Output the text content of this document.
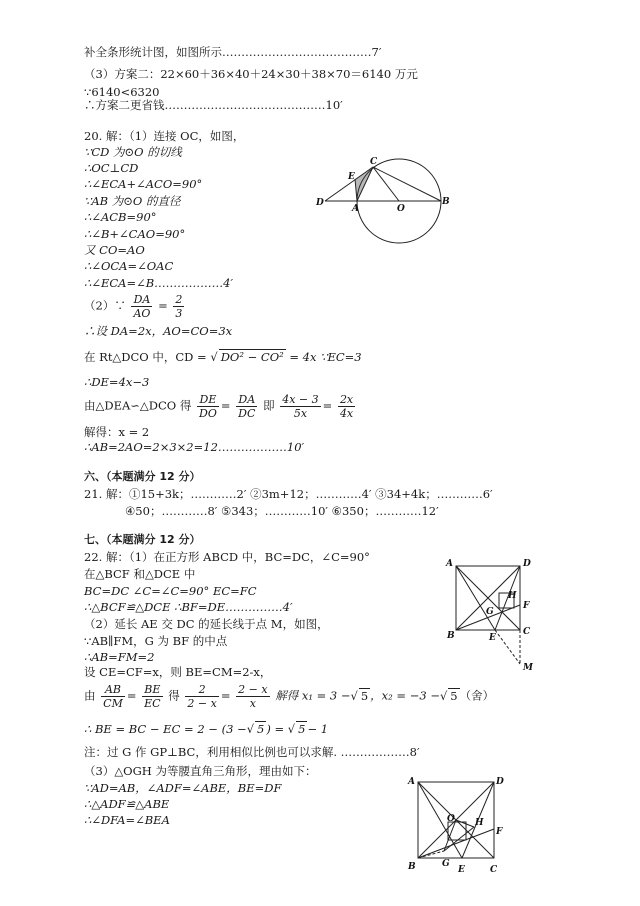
补全条形统计图，如图所示…………………………………7′
（3）方案二：22×60＋36×40＋24×30＋38×70＝6140 万元
∵6140<6320
∴方案二更省钱……………………………………10′
20. 解：（1）连接 OC，如图，
∵CD 为⊙O 的切线
∴OC⊥CD
∴∠ECA+∠ACO=90°
∵AB 为⊙O 的直径
∴∠ACB=90°
∴∠B+∠CAO=90°
又 CO=AO
∴∠OCA=∠OAC
∴∠ECA=∠B………………4′
（2）∵ $\frac{DA}{AO} = \frac{2}{3}$
∴设 DA=2x，AO=CO=3x
在 Rt△DCO 中，CD = √ DO² − CO² = 4x ∵EC=3
∴DE=4x−3
由△DEA∽△DCO 得 $\frac{DE}{DO} = \frac{DA}{DC}$ 即 $\frac{4x - 3}{5x} = \frac{2x}{4x}$
解得：x = 2
∴AB=2AO=2×3×2=12………………10′
六、（本题满分 12 分）
21. 解：①15+3k；…………2′ ②3m+12；…………4′ ③34+4k；…………6′
④50；…………8′ ⑤343；…………10′ ⑥350；…………12′
七、（本题满分 12 分）
22. 解：（1）在正方形 ABCD 中，BC=DC，∠C=90°
在△BCF 和△DCE 中
BC=DC ∠C=∠C=90° EC=FC
∴△BCF≌△DCE ∴BF=DE……………4′
（2）延长 AE 交 DC 的延长线于点 M，如图，
∵AB∥FM，G 为 BF 的中点
∴AB=FM=2
设 CE=CF=x，则 BE=CM=2-x，
由 $\frac{AB}{CM} = \frac{BE}{EC}$ 得 $\frac{2}{2 - x} = \frac{2 - x}{x}$ 解得 x₁ = 3 −√ 5 ，x₂ = −3 −√ 5 （舍）
∴ BE = BC − EC = 2 − (3 −√ 5 ) = √ 5 − 1
注：过 G 作 GP⊥BC，利用相似比例也可以求解. ………………8′
（3）△OGH 为等腰直角三角形，理由如下：
∵AD=AB，∠ADF=∠ABE，BE=DF
∴△ADF≌△ABE
∴∠DFA=∠BEA
C
E
D
A	O
B
A	D
H
G
F
B	E
C
M
A	D
O H
F
G
B	E	C
